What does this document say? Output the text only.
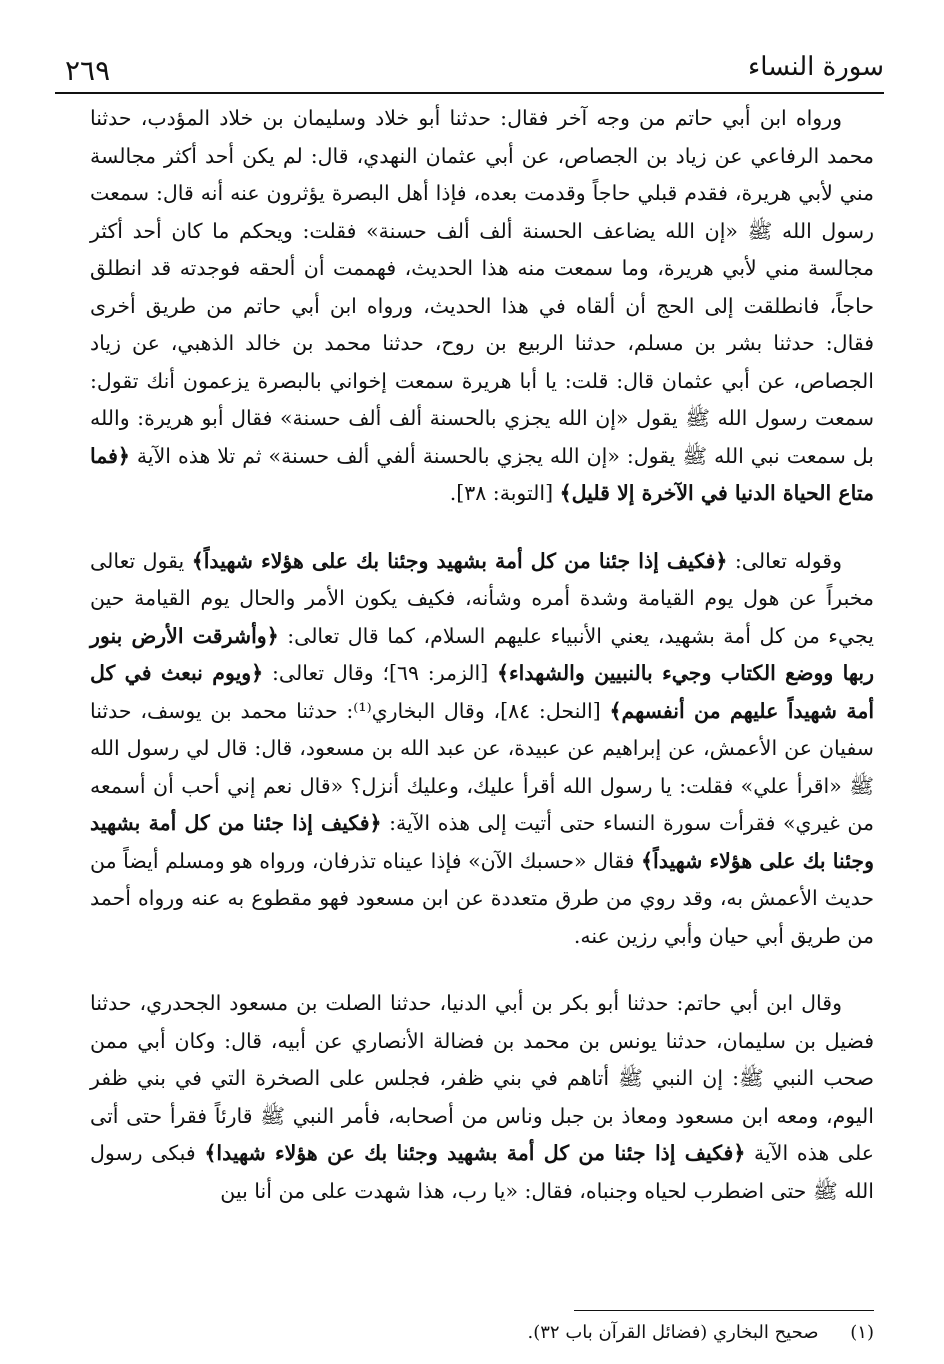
٢٦٩	سورة النساء

ورواه ابن أبي حاتم من وجه آخر فقال: حدثنا أبو خلاد وسليمان بن خلاد المؤدب، حدثنا محمد الرفاعي عن زياد بن الجصاص، عن أبي عثمان النهدي، قال: لم يكن أحد أكثر مجالسة مني لأبي هريرة، فقدم قبلي حاجاً وقدمت بعده، فإذا أهل البصرة يؤثرون عنه أنه قال: سمعت رسول الله ﷺ «إن الله يضاعف الحسنة ألف ألف حسنة» فقلت: ويحكم ما كان أحد أكثر مجالسة مني لأبي هريرة، وما سمعت منه هذا الحديث، فهممت أن ألحقه فوجدته قد انطلق حاجاً، فانطلقت إلى الحج أن ألقاه في هذا الحديث، ورواه ابن أبي حاتم من طريق أخرى فقال: حدثنا بشر بن مسلم، حدثنا الربيع بن روح، حدثنا محمد بن خالد الذهبي، عن زياد الجصاص، عن أبي عثمان قال: قلت: يا أبا هريرة سمعت إخواني بالبصرة يزعمون أنك تقول: سمعت رسول الله ﷺ يقول «إن الله يجزي بالحسنة ألف ألف حسنة» فقال أبو هريرة: والله بل سمعت نبي الله ﷺ يقول: «إن الله يجزي بالحسنة ألفي ألف حسنة» ثم تلا هذه الآية ﴿فما متاع الحياة الدنيا في الآخرة إلا قليل﴾ [التوبة: ٣٨].

وقوله تعالى: ﴿فكيف إذا جئنا من كل أمة بشهيد وجئنا بك على هؤلاء شهيداً﴾ يقول تعالى مخبراً عن هول يوم القيامة وشدة أمره وشأنه، فكيف يكون الأمر والحال يوم القيامة حين يجيء من كل أمة بشهيد، يعني الأنبياء عليهم السلام، كما قال تعالى: ﴿وأشرقت الأرض بنور ربها ووضع الكتاب وجيء بالنبيين والشهداء﴾ [الزمر: ٦٩]؛ وقال تعالى: ﴿ويوم نبعث في كل أمة شهيداً عليهم من أنفسهم﴾ [النحل: ٨٤]، وقال البخاري⁽¹⁾: حدثنا محمد بن يوسف، حدثنا سفيان عن الأعمش، عن إبراهيم عن عبيدة، عن عبد الله بن مسعود، قال: قال لي رسول الله ﷺ «اقرأ علي» فقلت: يا رسول الله أقرأ عليك، وعليك أنزل؟ «قال نعم إني أحب أن أسمعه من غيري» فقرأت سورة النساء حتى أتيت إلى هذه الآية: ﴿فكيف إذا جئنا من كل أمة بشهيد وجئنا بك على هؤلاء شهيداً﴾ فقال «حسبك الآن» فإذا عيناه تذرفان، ورواه هو ومسلم أيضاً من حديث الأعمش به، وقد روي من طرق متعددة عن ابن مسعود فهو مقطوع به عنه ورواه أحمد من طريق أبي حيان وأبي رزين عنه.

وقال ابن أبي حاتم: حدثنا أبو بكر بن أبي الدنيا، حدثنا الصلت بن مسعود الجحدري، حدثنا فضيل بن سليمان، حدثنا يونس بن محمد بن فضالة الأنصاري عن أبيه، قال: وكان أبي ممن صحب النبي ﷺ: إن النبي ﷺ أتاهم في بني ظفر، فجلس على الصخرة التي في بني ظفر اليوم، ومعه ابن مسعود ومعاذ بن جبل وناس من أصحابه، فأمر النبي ﷺ قارئاً فقرأ حتى أتى على هذه الآية ﴿فكيف إذا جئنا من كل أمة بشهيد وجئنا بك عن هؤلاء شهيدا﴾ فبكى رسول الله ﷺ حتى اضطرب لحياه وجنباه، فقال: «يا رب، هذا شهدت على من أنا بين

(١) صحيح البخاري (فضائل القرآن باب ٣٢).
